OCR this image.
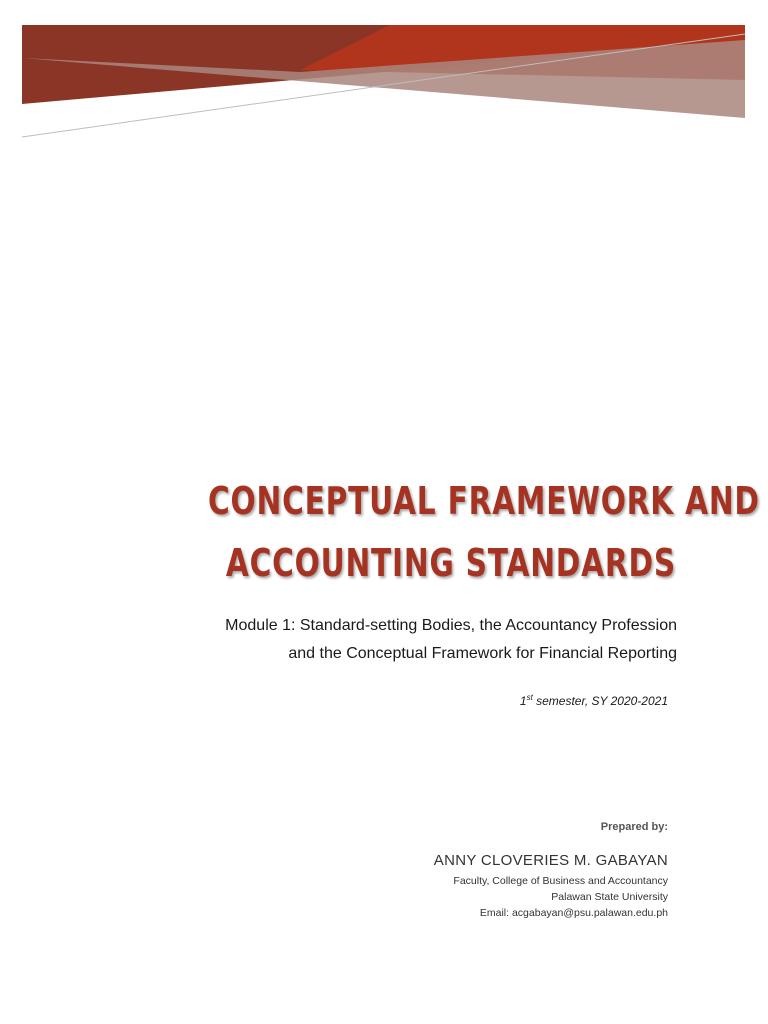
CONCEPTUAL FRAMEWORK AND
ACCOUNTING STANDARDS
Module 1: Standard-setting Bodies, the Accountancy Profession
and the Conceptual Framework for Financial Reporting
1st semester, SY 2020-2021
Prepared by:
ANNY CLOVERIES M. GABAYAN
Faculty, College of Business and Accountancy
Palawan State University
Email: acgabayan@psu.palawan.edu.ph
